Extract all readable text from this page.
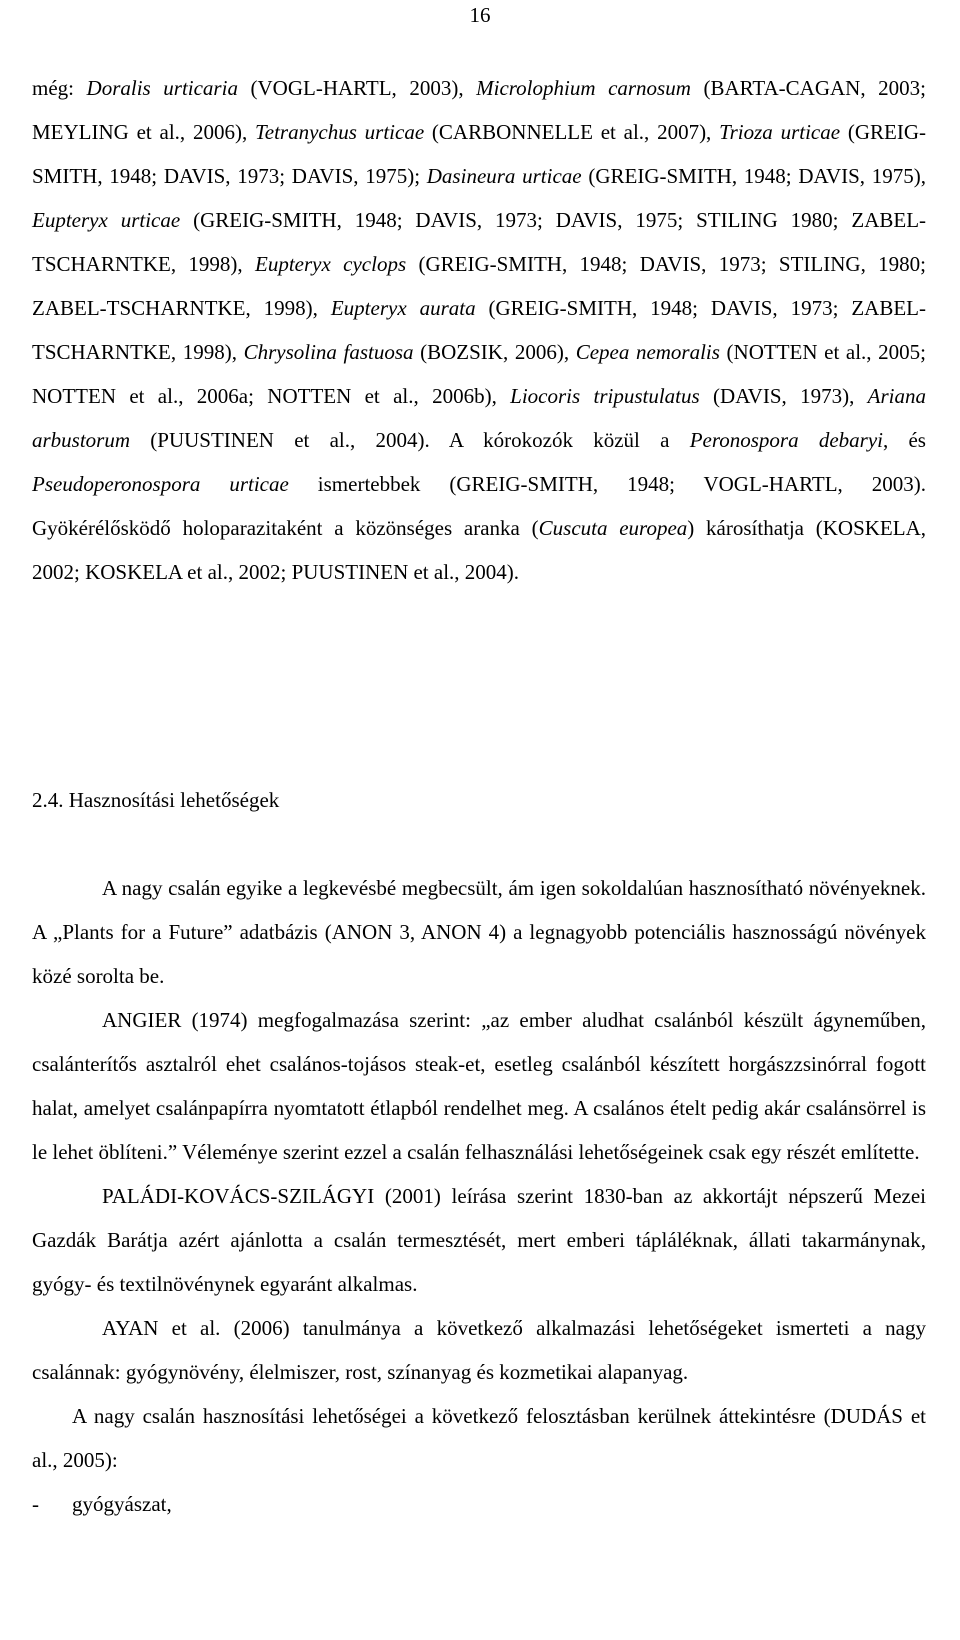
16

még: Doralis urticaria (VOGL-HARTL, 2003), Microlophium carnosum (BARTA-CAGAN, 2003; MEYLING et al., 2006), Tetranychus urticae (CARBONNELLE et al., 2007), Trioza urticae (GREIG-SMITH, 1948; DAVIS, 1973; DAVIS, 1975); Dasineura urticae (GREIG-SMITH, 1948; DAVIS, 1975), Eupteryx urticae (GREIG-SMITH, 1948; DAVIS, 1973; DAVIS, 1975; STILING 1980; ZABEL-TSCHARNTKE, 1998), Eupteryx cyclops (GREIG-SMITH, 1948; DAVIS, 1973; STILING, 1980; ZABEL-TSCHARNTKE, 1998), Eupteryx aurata (GREIG-SMITH, 1948; DAVIS, 1973; ZABEL-TSCHARNTKE, 1998), Chrysolina fastuosa (BOZSIK, 2006), Cepea nemoralis (NOTTEN et al., 2005; NOTTEN et al., 2006a; NOTTEN et al., 2006b), Liocoris tripustulatus (DAVIS, 1973), Ariana arbustorum (PUUSTINEN et al., 2004). A kórokozók közül a Peronospora debaryi, és Pseudoperonospora urticae ismertebbek (GREIG-SMITH, 1948; VOGL-HARTL, 2003). Gyökérélősködő holoparazitaként a közönséges aranka (Cuscuta europea) károsíthatja (KOSKELA, 2002; KOSKELA et al., 2002; PUUSTINEN et al., 2004).

2.4. Hasznosítási lehetőségek

A nagy csalán egyike a legkevésbé megbecsült, ám igen sokoldalúan hasznosítható növényeknek. A „Plants for a Future” adatbázis (ANON 3, ANON 4) a legnagyobb potenciális hasznosságú növények közé sorolta be.

ANGIER (1974) megfogalmazása szerint: „az ember aludhat csalánból készült ágyneműben, csalánterítős asztalról ehet csalános-tojásos steak-et, esetleg csalánból készített horgászzsinórral fogott halat, amelyet csalánpapírra nyomtatott étlapból rendelhet meg. A csalános ételt pedig akár csalánsörrel is le lehet öblíteni.” Véleménye szerint ezzel a csalán felhasználási lehetőségeinek csak egy részét említette.

PALÁDI-KOVÁCS-SZILÁGYI (2001) leírása szerint 1830-ban az akkortájt népszerű Mezei Gazdák Barátja azért ajánlotta a csalán termesztését, mert emberi tápláléknak, állati takarmánynak, gyógy- és textilnövénynek egyaránt alkalmas.

AYAN et al. (2006) tanulmánya a következő alkalmazási lehetőségeket ismerteti a nagy csalánnak: gyógynövény, élelmiszer, rost, színanyag és kozmetikai alapanyag.

A nagy csalán hasznosítási lehetőségei a következő felosztásban kerülnek áttekintésre (DUDÁS et al., 2005):

- gyógyászat,
